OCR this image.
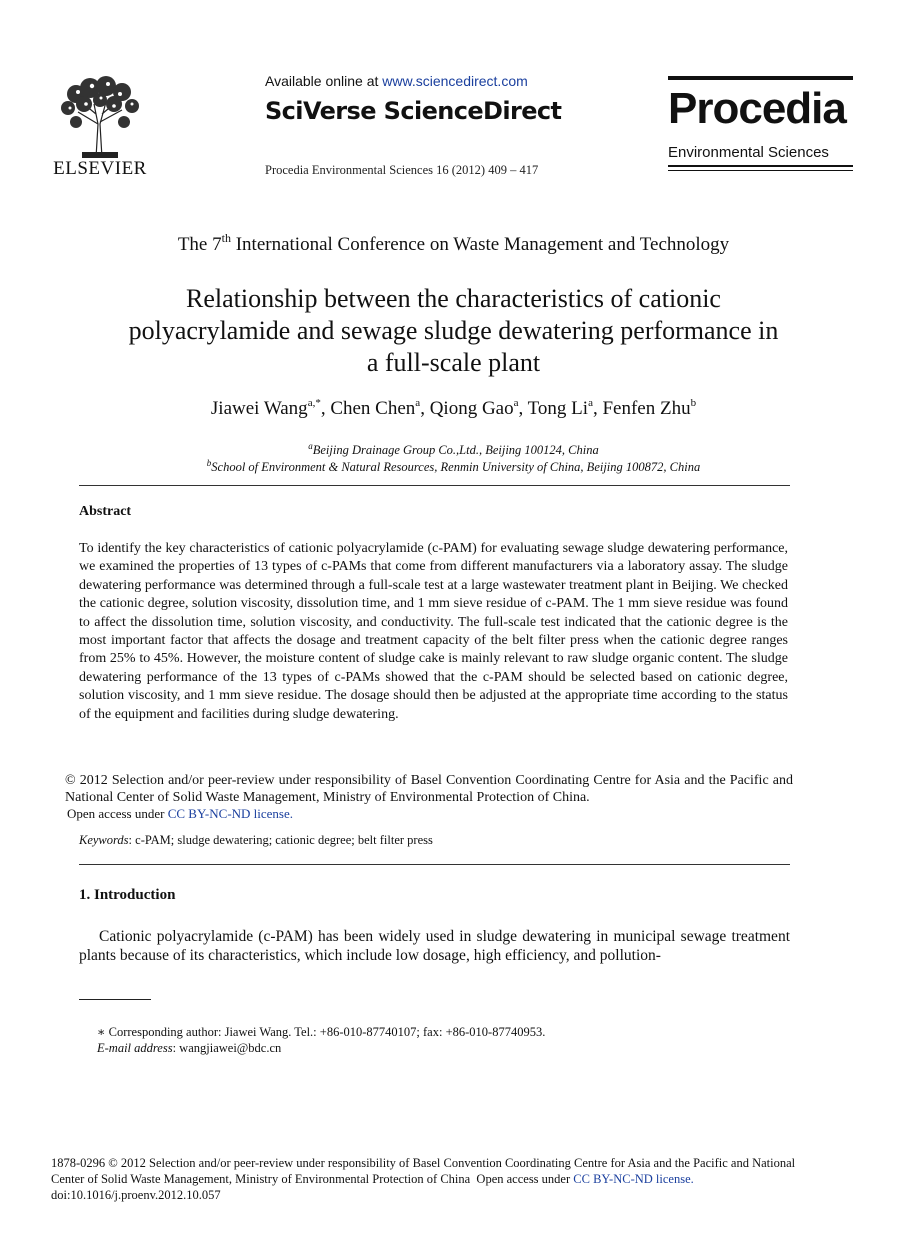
ELSEVIER
Available online at www.sciencedirect.com
SciVerse ScienceDirect
Procedia Environmental Sciences 16 (2012) 409 – 417
Procedia
Environmental Sciences
The 7th International Conference on Waste Management and Technology
Relationship between the characteristics of cationic
polyacrylamide and sewage sludge dewatering performance in
a full-scale plant
Jiawei Wang$^{a,*}$, Chen Chen$^a$, Qiong Gao$^a$, Tong Li$^a$, Fenfen Zhu$^b$
$^a$Beijing Drainage Group Co.,Ltd., Beijing 100124, China
$^b$School of Environment & Natural Resources, Renmin University of China, Beijing 100872, China
Abstract
To identify the key characteristics of cationic polyacrylamide (c-PAM) for evaluating sewage sludge dewatering performance, we examined the properties of 13 types of c-PAMs that come from different manufacturers via a laboratory assay. The sludge dewatering performance was determined through a full-scale test at a large wastewater treatment plant in Beijing. We checked the cationic degree, solution viscosity, dissolution time, and 1 mm sieve residue of c-PAM. The 1 mm sieve residue was found to affect the dissolution time, solution viscosity, and conductivity. The full-scale test indicated that the cationic degree is the most important factor that affects the dosage and treatment capacity of the belt filter press when the cationic degree ranges from 25% to 45%. However, the moisture content of sludge cake is mainly relevant to raw sludge organic content. The sludge dewatering performance of the 13 types of c-PAMs showed that the c-PAM should be selected based on cationic degree, solution viscosity, and 1 mm sieve residue. The dosage should then be adjusted at the appropriate time according to the status of the equipment and facilities during sludge dewatering.
© 2012 Selection and/or peer-review under responsibility of Basel Convention Coordinating Centre for Asia and the Pacific and National Center of Solid Waste Management, Ministry of Environmental Protection of China.
Open access under CC BY-NC-ND license.
Keywords: c-PAM; sludge dewatering; cationic degree; belt filter press
1. Introduction
Cationic polyacrylamide (c-PAM) has been widely used in sludge dewatering in municipal sewage treatment plants because of its characteristics, which include low dosage, high efficiency, and pollution-
∗ Corresponding author: Jiawei Wang. Tel.: +86-010-87740107; fax: +86-010-87740953.
E-mail address: wangjiawei@bdc.cn
1878-0296 © 2012 Selection and/or peer-review under responsibility of Basel Convention Coordinating Centre for Asia and the Pacific and National
Center of Solid Waste Management, Ministry of Environmental Protection of China Open access under CC BY-NC-ND license.
doi:10.1016/j.proenv.2012.10.057
